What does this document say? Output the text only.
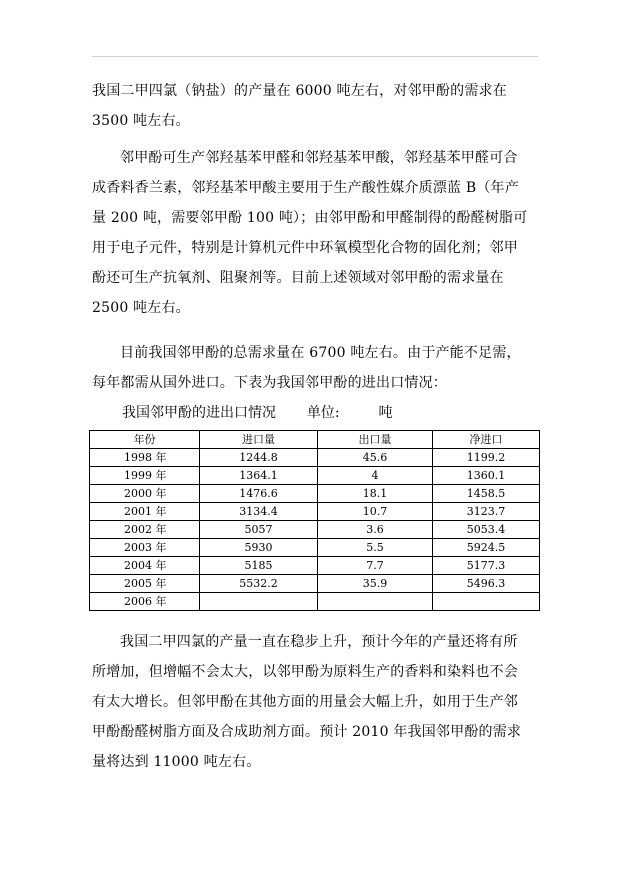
我国二甲四氯（钠盐）的产量在 6000 吨左右，对邻甲酚的需求在
3500 吨左右。

邻甲酚可生产邻羟基苯甲醛和邻羟基苯甲酸，邻羟基苯甲醛可合
成香料香兰素，邻羟基苯甲酸主要用于生产酸性媒介质漂蓝 B（年产
量 200 吨，需要邻甲酚 100 吨）；由邻甲酚和甲醛制得的酚醛树脂可
用于电子元件，特别是计算机元件中环氧模型化合物的固化剂；邻甲
酚还可生产抗氧剂、阻聚剂等。目前上述领域对邻甲酚的需求量在
2500 吨左右。

目前我国邻甲酚的总需求量在 6700 吨左右。由于产能不足需，
每年都需从国外进口。下表为我国邻甲酚的进出口情况：

我国邻甲酚的进出口情况 单位:	吨
年份	进口量	出口量	净进口
1998 年	1244.8	45.6	1199.2
1999 年	1364.1	4	1360.1
2000 年	1476.6	18.1	1458.5
2001 年	3134.4	10.7	3123.7
2002 年	5057	3.6	5053.4
2003 年	5930	5.5	5924.5
2004 年	5185	7.7	5177.3
2005 年	5532.2	35.9	5496.3
2006 年			

我国二甲四氯的产量一直在稳步上升，预计今年的产量还将有所
所增加，但增幅不会太大，以邻甲酚为原料生产的香料和染料也不会
有太大增长。但邻甲酚在其他方面的用量会大幅上升，如用于生产邻
甲酚酚醛树脂方面及合成助剂方面。预计 2010 年我国邻甲酚的需求
量将达到 11000 吨左右。
